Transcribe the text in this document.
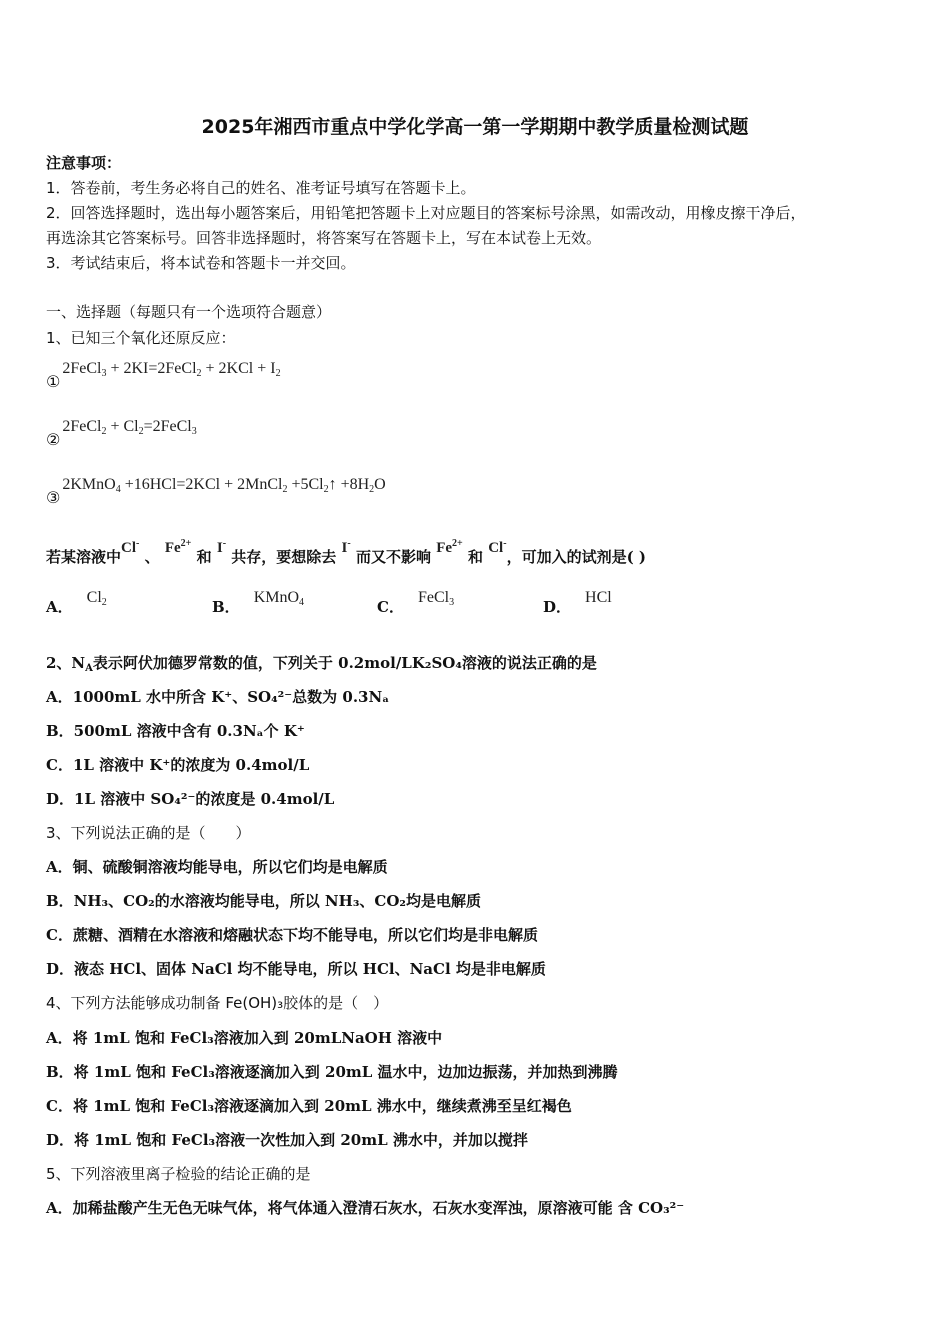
2025年湘西市重点中学化学高一第一学期期中教学质量检测试题
注意事项：
1．答卷前，考生务必将自己的姓名、准考证号填写在答题卡上。
2．回答选择题时，选出每小题答案后，用铅笔把答题卡上对应题目的答案标号涂黑，如需改动，用橡皮擦干净后，
再选涂其它答案标号。回答非选择题时，将答案写在答题卡上，写在本试卷上无效。
3．考试结束后，将本试卷和答题卡一并交回。
一、选择题（每题只有一个选项符合题意）
1、已知三个氧化还原反应：
①2FeCl$_3$ + 2KI=2FeCl$_2$ + $2KCl + I_2$
②2FeCl$_2$ + $Cl_2=2FeCl_3$
③2KMnO$_4$ +16HCl=2KCl + 2MnCl$_2$ $+5Cl_2↑ +8H_2O$
若某溶液中Cl- 、 $Fe^{2+}$ 和 I- 共存，要想除去 I- 而又不影响 $Fe^{2+}$ 和 Cl-，可加入的试剂是( )
A．$Cl_2$	B．KMnO$_4$	C．FeCl$_3$	D．HCl
2、$N_A$表示阿伏加德罗常数的值，下列关于 0.2mol/LK₂SO₄溶液的说法正确的是
A．1000mL 水中所含 K⁺、SO₄²⁻总数为 0.3Nₐ
B．500mL 溶液中含有 0.3Nₐ个 K⁺
C．1L 溶液中 K⁺的浓度为 0.4mol/L
D．1L 溶液中 SO₄²⁻的浓度是 0.4mol/L
3、下列说法正确的是（　　）
A．铜、硫酸铜溶液均能导电，所以它们均是电解质
B．NH₃、CO₂的水溶液均能导电，所以 NH₃、CO₂均是电解质
C．蔗糖、酒精在水溶液和熔融状态下均不能导电，所以它们均是非电解质
D．液态 HCl、固体 NaCl 均不能导电，所以 HCl、NaCl 均是非电解质
4、下列方法能够成功制备 Fe(OH)₃胶体的是（　）
A．将 1mL 饱和 FeCl₃溶液加入到 20mLNaOH 溶液中
B．将 1mL 饱和 FeCl₃溶液逐滴加入到 20mL 温水中，边加边振荡，并加热到沸腾
C．将 1mL 饱和 FeCl₃溶液逐滴加入到 20mL 沸水中，继续煮沸至呈红褐色
D．将 1mL 饱和 FeCl₃溶液一次性加入到 20mL 沸水中，并加以搅拌
5、下列溶液里离子检验的结论正确的是
A．加稀盐酸产生无色无味气体，将气体通入澄清石灰水，石灰水变浑浊，原溶液可能 含 CO₃²⁻
